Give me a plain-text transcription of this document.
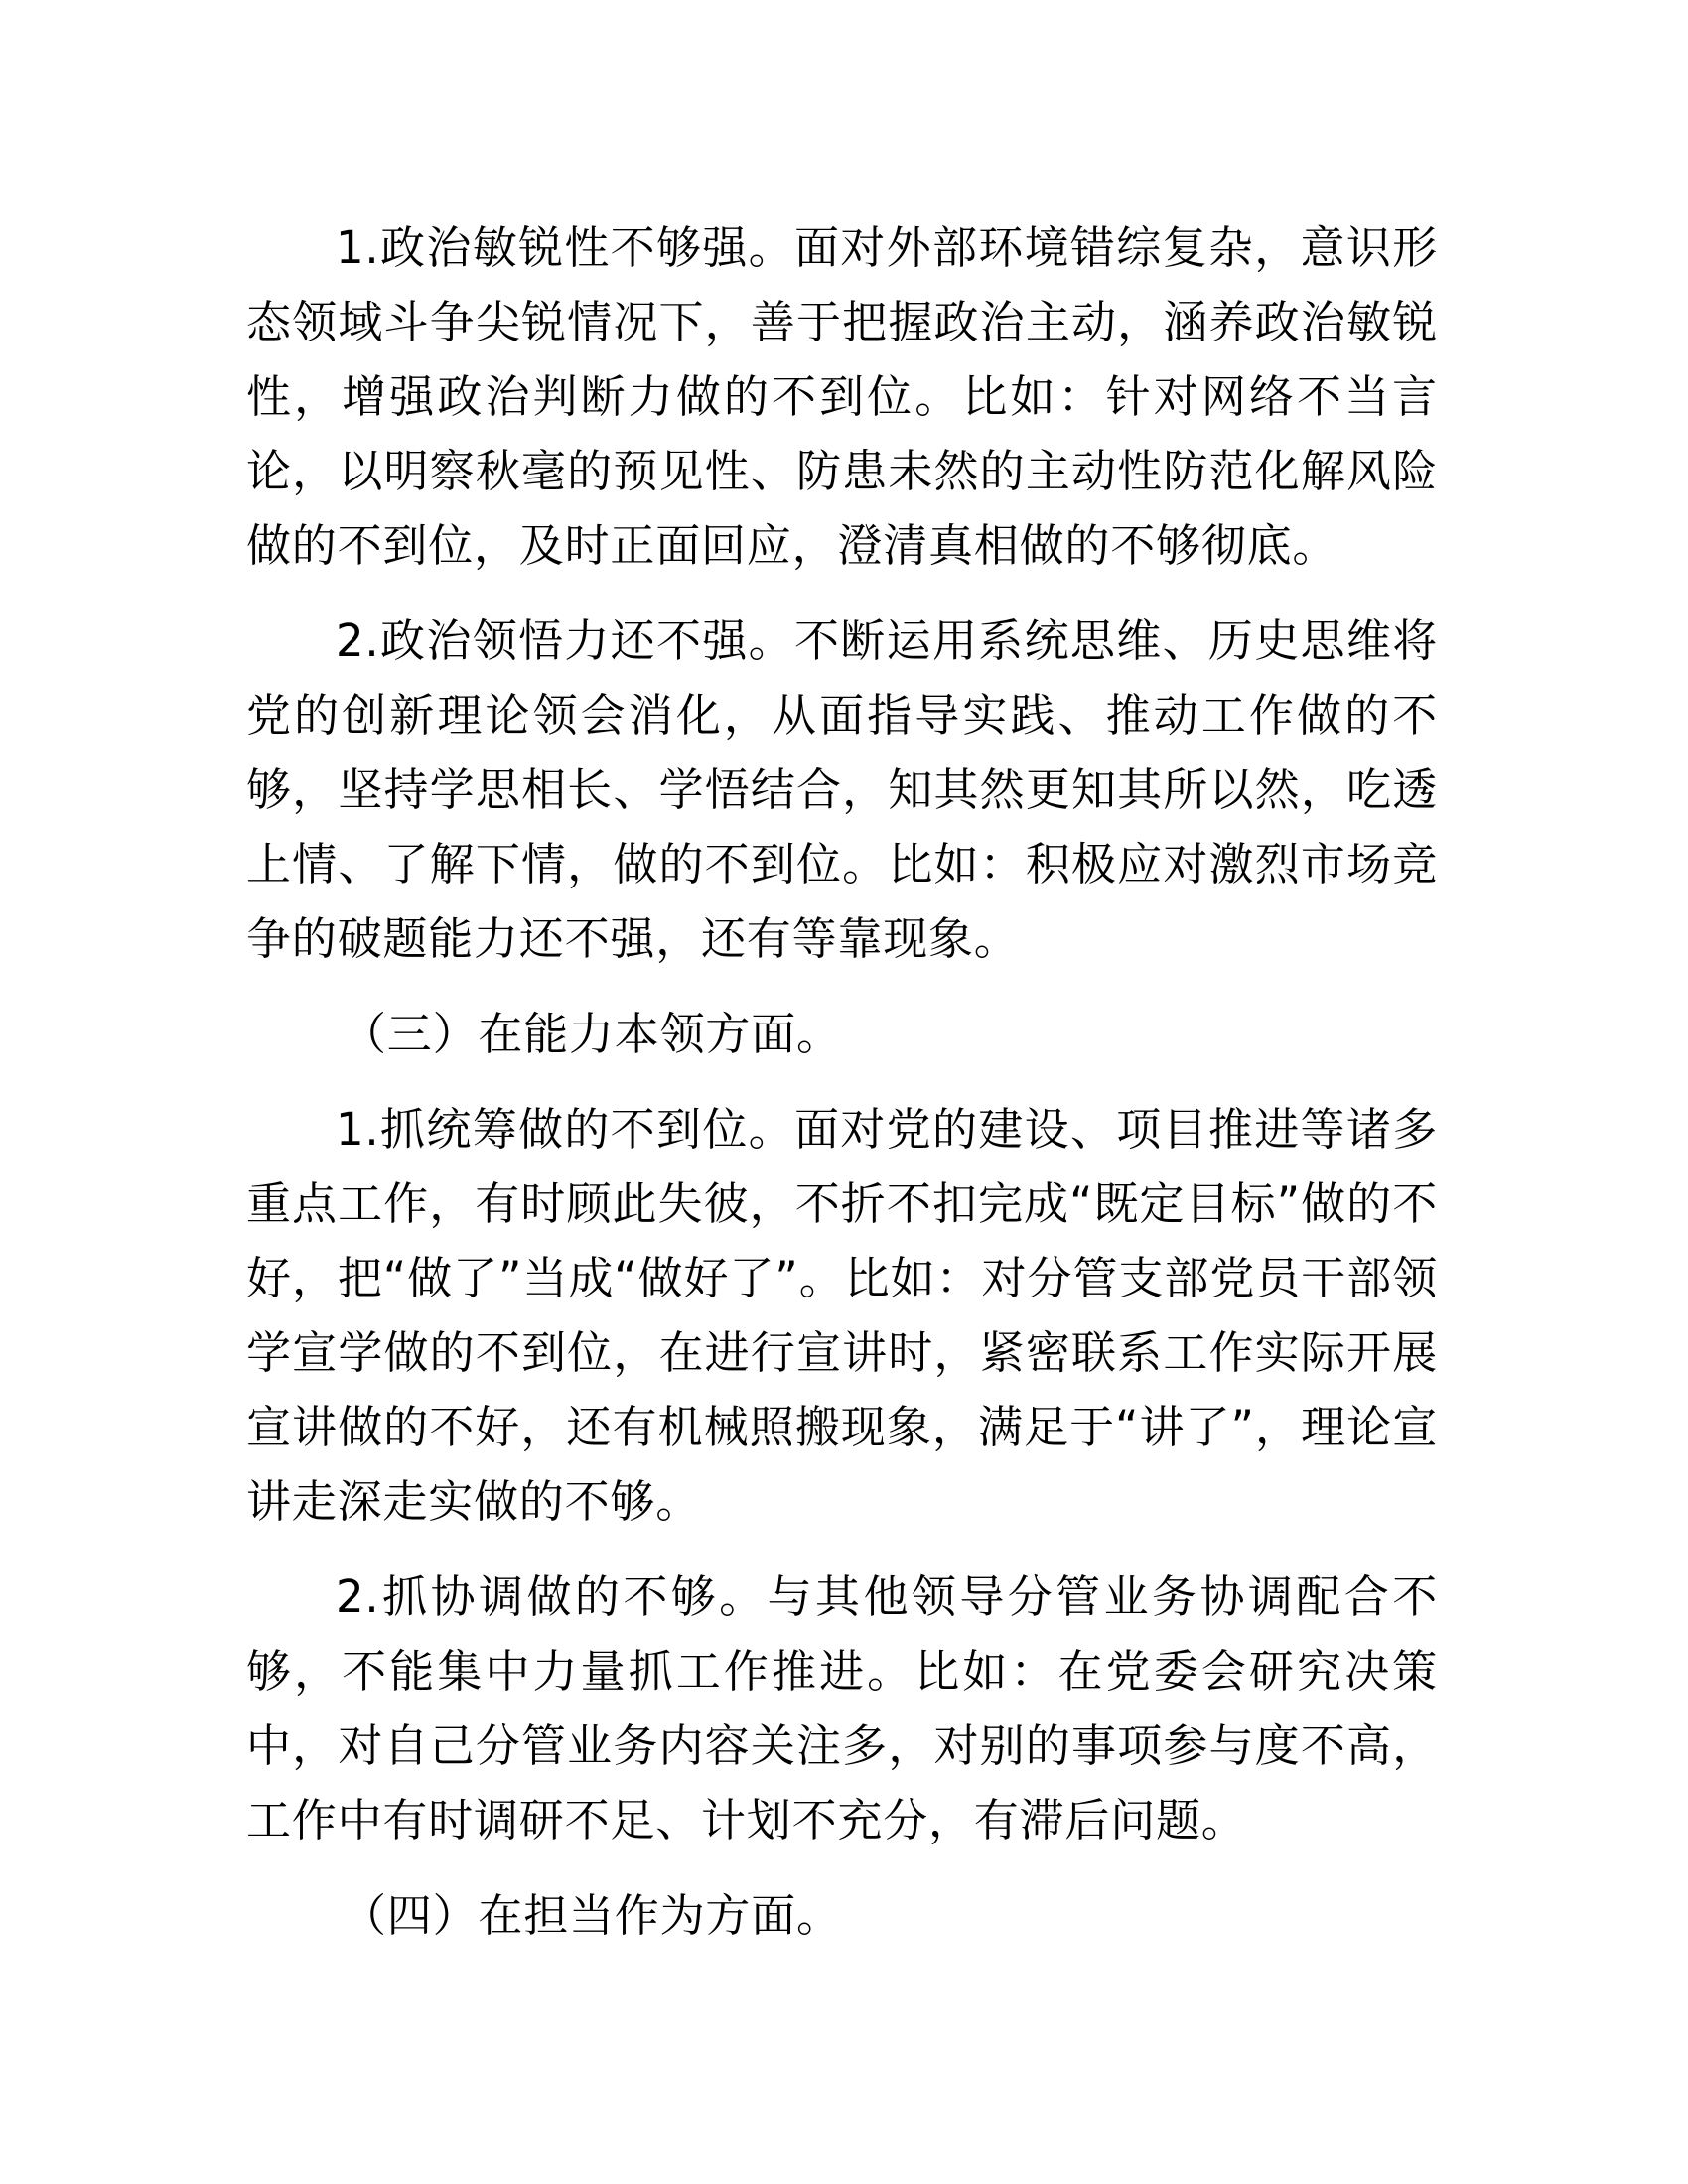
1.政治敏锐性不够强。面对外部环境错综复杂，意识形态领域斗争尖锐情况下，善于把握政治主动，涵养政治敏锐性，增强政治判断力做的不到位。比如：针对网络不当言论，以明察秋毫的预见性、防患未然的主动性防范化解风险做的不到位，及时正面回应，澄清真相做的不够彻底。

2.政治领悟力还不强。不断运用系统思维、历史思维将党的创新理论领会消化，从面指导实践、推动工作做的不够，坚持学思相长、学悟结合，知其然更知其所以然，吃透上情、了解下情，做的不到位。比如：积极应对激烈市场竞争的破题能力还不强，还有等靠现象。

（三）在能力本领方面。

1.抓统筹做的不到位。面对党的建设、项目推进等诸多重点工作，有时顾此失彼，不折不扣完成“既定目标”做的不好，把“做了”当成“做好了”。比如：对分管支部党员干部领学宣学做的不到位，在进行宣讲时，紧密联系工作实际开展宣讲做的不好，还有机械照搬现象，满足于“讲了”，理论宣讲走深走实做的不够。

2.抓协调做的不够。与其他领导分管业务协调配合不够，不能集中力量抓工作推进。比如：在党委会研究决策中，对自己分管业务内容关注多，对别的事项参与度不高，工作中有时调研不足、计划不充分，有滞后问题。

（四）在担当作为方面。
